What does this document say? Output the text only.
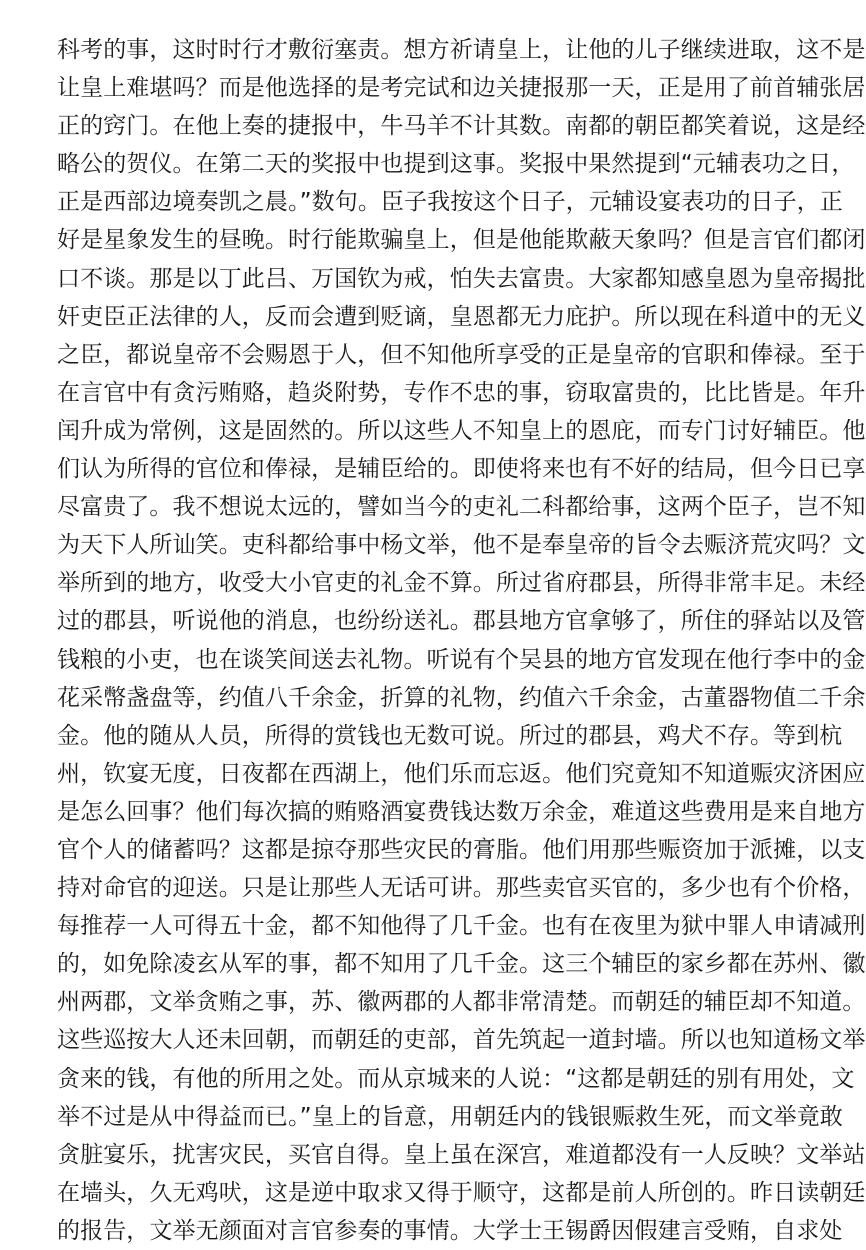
科考的事，这时时行才敷衍塞责。想方祈请皇上，让他的儿子继续进取，这不是
让皇上难堪吗？而是他选择的是考完试和边关捷报那一天，正是用了前首辅张居
正的窍门。在他上奏的捷报中，牛马羊不计其数。南都的朝臣都笑着说，这是经
略公的贺仪。在第二天的奖报中也提到这事。奖报中果然提到“元辅表功之日，
正是西部边境奏凯之晨。”数句。臣子我按这个日子，元辅设宴表功的日子，正
好是星象发生的昼晚。时行能欺骗皇上，但是他能欺蔽天象吗？但是言官们都闭
口不谈。那是以丁此吕、万国钦为戒，怕失去富贵。大家都知感皇恩为皇帝揭批
奸吏臣正法律的人，反而会遭到贬谪，皇恩都无力庇护。所以现在科道中的无义
之臣，都说皇帝不会赐恩于人，但不知他所享受的正是皇帝的官职和俸禄。至于
在言官中有贪污贿赂，趋炎附势，专作不忠的事，窃取富贵的，比比皆是。年升
闰升成为常例，这是固然的。所以这些人不知皇上的恩庇，而专门讨好辅臣。他
们认为所得的官位和俸禄，是辅臣给的。即使将来也有不好的结局，但今日已享
尽富贵了。我不想说太远的，譬如当今的吏礼二科都给事，这两个臣子，岂不知
为天下人所讪笑。吏科都给事中杨文举，他不是奉皇帝的旨令去赈济荒灾吗？文
举所到的地方，收受大小官吏的礼金不算。所过省府郡县，所得非常丰足。未经
过的郡县，听说他的消息，也纷纷送礼。郡县地方官拿够了，所住的驿站以及管
钱粮的小吏，也在谈笑间送去礼物。听说有个吴县的地方官发现在他行李中的金
花采幣盏盘等，约值八千余金，折算的礼物，约值六千余金，古董器物值二千余
金。他的随从人员，所得的赏钱也无数可说。所过的郡县，鸡犬不存。等到杭
州，钦宴无度，日夜都在西湖上，他们乐而忘返。他们究竟知不知道赈灾济困应
是怎么回事？他们每次搞的贿赂酒宴费钱达数万余金，难道这些费用是来自地方
官个人的储蓄吗？这都是掠夺那些灾民的膏脂。他们用那些赈资加于派摊，以支
持对命官的迎送。只是让那些人无话可讲。那些卖官买官的，多少也有个价格，
每推荐一人可得五十金，都不知他得了几千金。也有在夜里为狱中罪人申请减刑
的，如免除凌玄从军的事，都不知用了几千金。这三个辅臣的家乡都在苏州、徽
州两郡，文举贪贿之事，苏、徽两郡的人都非常清楚。而朝廷的辅臣却不知道。
这些巡按大人还未回朝，而朝廷的吏部，首先筑起一道封墙。所以也知道杨文举
贪来的钱，有他的所用之处。而从京城来的人说：“这都是朝廷的别有用处，文
举不过是从中得益而已。”皇上的旨意，用朝廷内的钱银赈救生死，而文举竟敢
贪脏宴乐，扰害灾民，买官自得。皇上虽在深宫，难道都没有一人反映？文举站
在墙头，久无鸡吠，这是逆中取求又得于顺守，这都是前人所创的。昨日读朝廷
的报告，文举无颜面对言官参奏的事情。大学士王锡爵因假建言受贿，自求处
